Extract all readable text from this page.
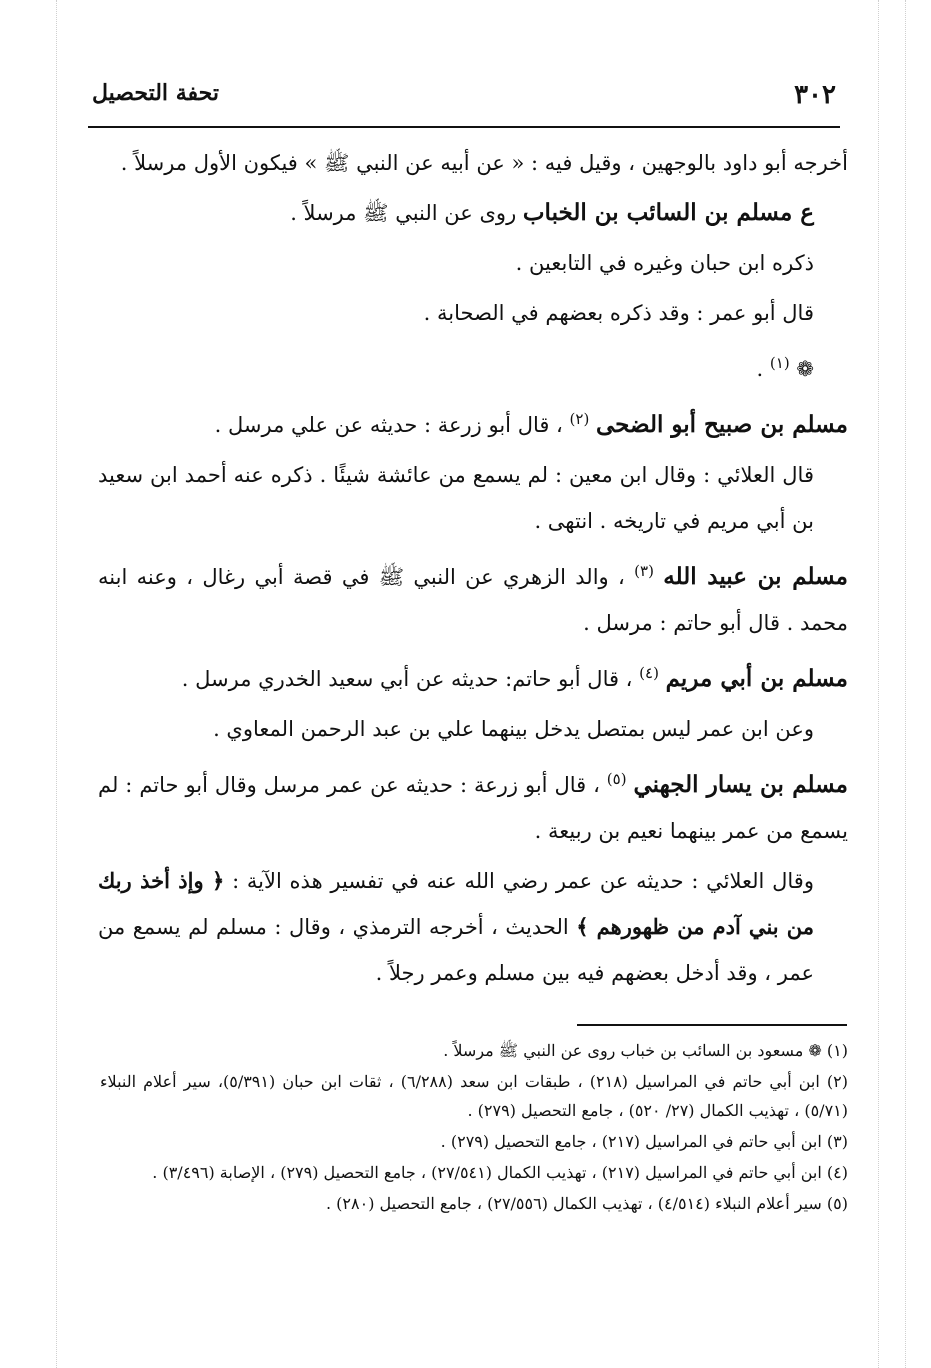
٣٠٢
تحفة التحصيل

أخرجه أبو داود بالوجهين ، وقيل فيه : « عن أبيه عن النبي ﷺ » فيكون الأول مرسلاً .

ع مسلم بن السائب بن الخباب روى عن النبي ﷺ مرسلاً .

ذكره ابن حبان وغيره في التابعين .

قال أبو عمر : وقد ذكره بعضهم في الصحابة .

❁ $^{(١)}$ .

مسلم بن صبيح أبو الضحى $^{(٢)}$ ، قال أبو زرعة : حديثه عن علي مرسل .

قال العلائي : وقال ابن معين : لم يسمع من عائشة شيئًا . ذكره عنه أحمد ابن سعيد بن أبي مريم في تاريخه . انتهى .

مسلم بن عبيد الله $^{(٣)}$ ، والد الزهري عن النبي ﷺ في قصة أبي رغال ، وعنه ابنه محمد . قال أبو حاتم : مرسل .

مسلم بن أبي مريم $^{(٤)}$ ، قال أبو حاتم: حديثه عن أبي سعيد الخدري مرسل .

وعن ابن عمر ليس بمتصل يدخل بينهما علي بن عبد الرحمن المعاوي .

مسلم بن يسار الجهني $^{(٥)}$ ، قال أبو زرعة : حديثه عن عمر مرسل وقال أبو حاتم : لم يسمع من عمر بينهما نعيم بن ربيعة .

وقال العلائي : حديثه عن عمر رضي الله عنه في تفسير هذه الآية : ﴿ وإذ أخذ ربك من بني آدم من ظهورهم ﴾ الحديث ، أخرجه الترمذي ، وقال : مسلم لم يسمع من عمر ، وقد أدخل بعضهم فيه بين مسلم وعمر رجلاً .

(١) ❁ مسعود بن السائب بن خباب روى عن النبي ﷺ مرسلاً .

(٢) ابن أبي حاتم في المراسيل (٢١٨) ، طبقات ابن سعد (٦/٢٨٨) ، ثقات ابن حبان (٥/٣٩١)، سير أعلام النبلاء (٥/٧١) ، تهذيب الكمال (٢٧/ ٥٢٠) ، جامع التحصيل (٢٧٩) .

(٣) ابن أبي حاتم في المراسيل (٢١٧) ، جامع التحصيل (٢٧٩) .

(٤) ابن أبي حاتم في المراسيل (٢١٧) ، تهذيب الكمال (٢٧/٥٤١) ، جامع التحصيل (٢٧٩) ، الإصابة (٣/٤٩٦) .

(٥) سير أعلام النبلاء (٤/٥١٤) ، تهذيب الكمال (٢٧/٥٥٦) ، جامع التحصيل (٢٨٠) .
